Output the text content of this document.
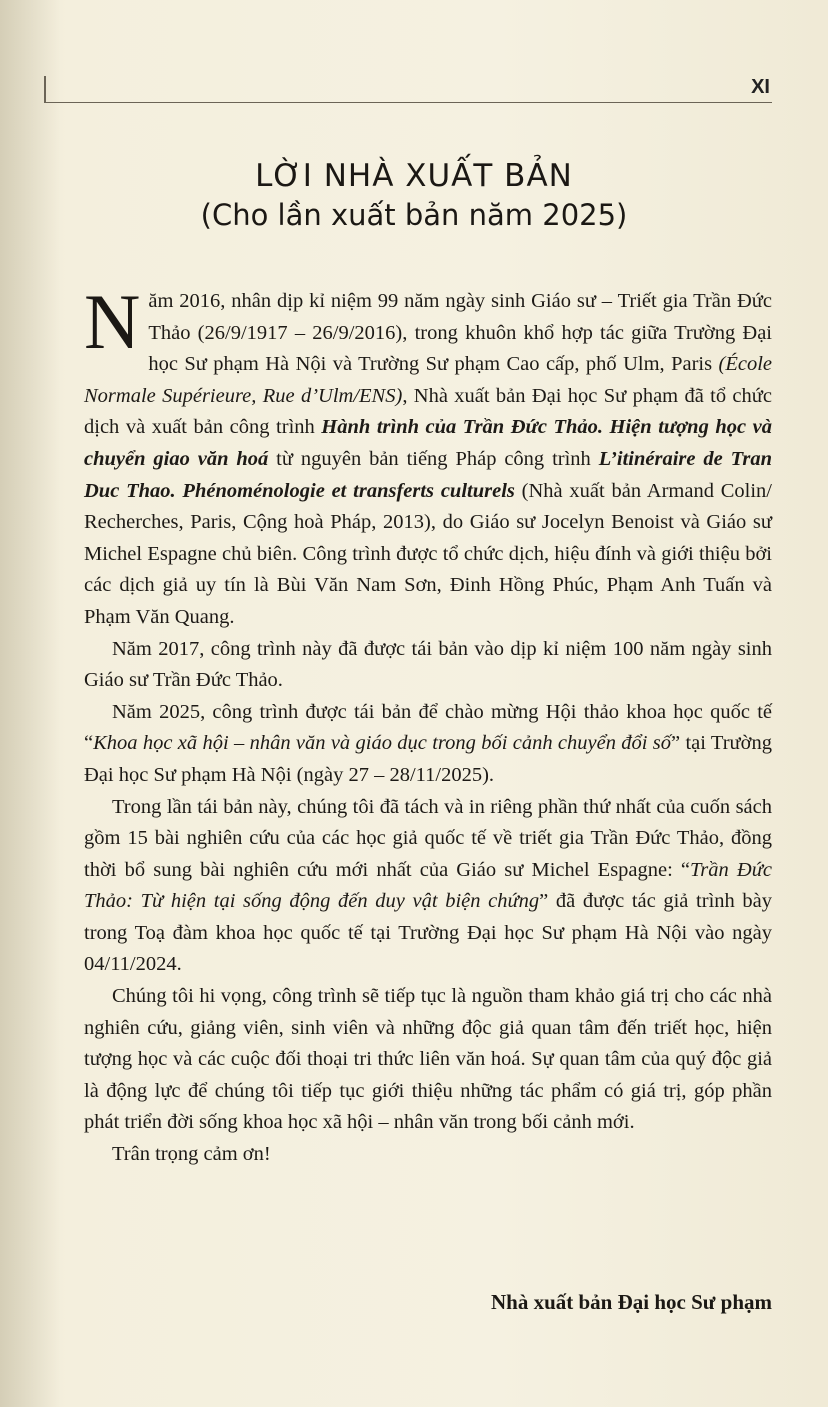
XI
LỜI NHÀ XUẤT BẢN
(Cho lần xuất bản năm 2025)

Năm 2016, nhân dịp kỉ niệm 99 năm ngày sinh Giáo sư – Triết gia Trần Đức Thảo (26/9/1917 – 26/9/2016), trong khuôn khổ hợp tác giữa Trường Đại học Sư phạm Hà Nội và Trường Sư phạm Cao cấp, phố Ulm, Paris (École Normale Supérieure, Rue d’Ulm/ENS), Nhà xuất bản Đại học Sư phạm đã tổ chức dịch và xuất bản công trình Hành trình của Trần Đức Thảo. Hiện tượng học và chuyển giao văn hoá từ nguyên bản tiếng Pháp công trình L’itinéraire de Tran Duc Thao. Phénoménologie et transferts culturels (Nhà xuất bản Armand Colin/ Recherches, Paris, Cộng hoà Pháp, 2013), do Giáo sư Jocelyn Benoist và Giáo sư Michel Espagne chủ biên. Công trình được tổ chức dịch, hiệu đính và giới thiệu bởi các dịch giả uy tín là Bùi Văn Nam Sơn, Đinh Hồng Phúc, Phạm Anh Tuấn và Phạm Văn Quang.

Năm 2017, công trình này đã được tái bản vào dịp kỉ niệm 100 năm ngày sinh Giáo sư Trần Đức Thảo.

Năm 2025, công trình được tái bản để chào mừng Hội thảo khoa học quốc tế “Khoa học xã hội – nhân văn và giáo dục trong bối cảnh chuyển đổi số” tại Trường Đại học Sư phạm Hà Nội (ngày 27 – 28/11/2025).

Trong lần tái bản này, chúng tôi đã tách và in riêng phần thứ nhất của cuốn sách gồm 15 bài nghiên cứu của các học giả quốc tế về triết gia Trần Đức Thảo, đồng thời bổ sung bài nghiên cứu mới nhất của Giáo sư Michel Espagne: “Trần Đức Thảo: Từ hiện tại sống động đến duy vật biện chứng” đã được tác giả trình bày trong Toạ đàm khoa học quốc tế tại Trường Đại học Sư phạm Hà Nội vào ngày 04/11/2024.

Chúng tôi hi vọng, công trình sẽ tiếp tục là nguồn tham khảo giá trị cho các nhà nghiên cứu, giảng viên, sinh viên và những độc giả quan tâm đến triết học, hiện tượng học và các cuộc đối thoại tri thức liên văn hoá. Sự quan tâm của quý độc giả là động lực để chúng tôi tiếp tục giới thiệu những tác phẩm có giá trị, góp phần phát triển đời sống khoa học xã hội – nhân văn trong bối cảnh mới.

Trân trọng cảm ơn!

Nhà xuất bản Đại học Sư phạm
